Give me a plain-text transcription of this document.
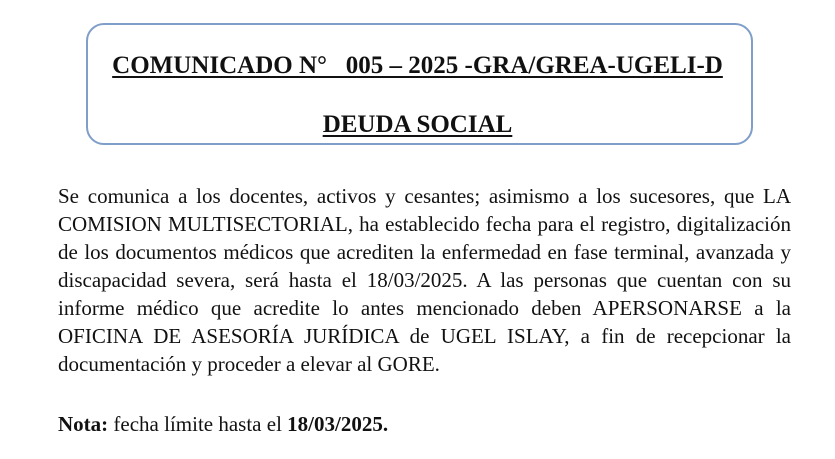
COMUNICADO N°   005 – 2025 -GRA/GREA-UGELI-D
DEUDA SOCIAL

Se comunica a los docentes, activos y cesantes; asimismo a los sucesores, que LA COMISION MULTISECTORIAL, ha establecido fecha para el registro, digitalización de los documentos médicos que acrediten la enfermedad en fase terminal, avanzada y discapacidad severa, será hasta el 18/03/2025. A las personas que cuentan con su informe médico que acredite lo antes mencionado deben APERSONARSE a la OFICINA DE ASESORÍA JURÍDICA de UGEL ISLAY, a fin de recepcionar la documentación y proceder a elevar al GORE.

Nota: fecha límite hasta el 18/03/2025.
